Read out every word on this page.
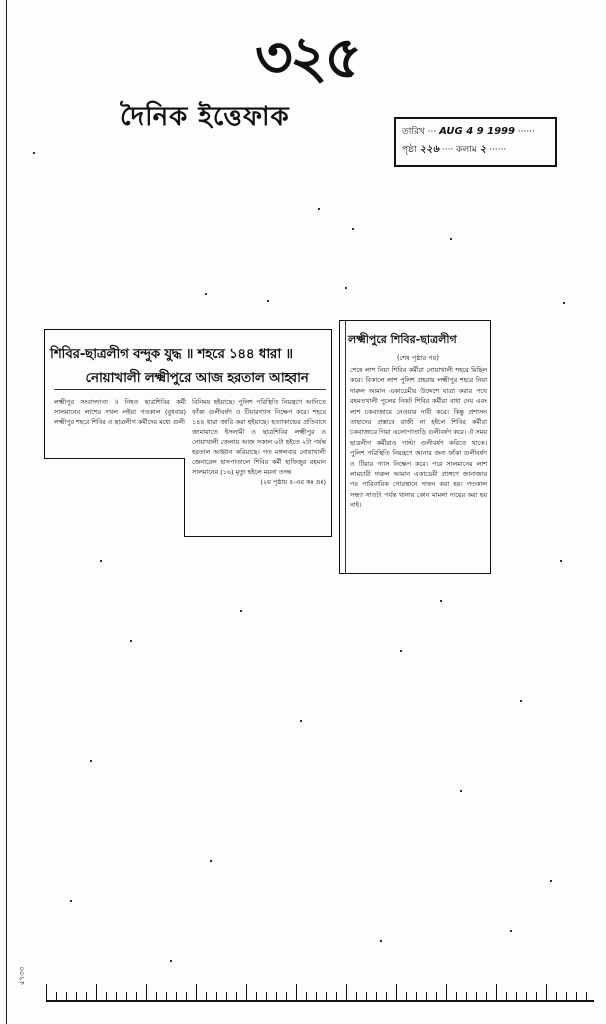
৩২৫
দৈনিক ইত্তেফাক	তারিখ ··· AUG 4 9 1999 ······
পৃষ্ঠা ২২৬ ···· কলাম ২ ······
শিবির-ছাত্রলীগ বন্দুক যুদ্ধ ॥ শহরে ১৪৪ ধারা ॥
নোয়াখালী লক্ষ্মীপুরে আজ হরতাল আহ্বান
লক্ষ্মীপুর সংবাদদাতা ॥ নিহত ছাত্রশিবির কর্মী সালমানের লাশের দখল লইয়া গতকাল (বুধবার) লক্ষ্মীপুর শহরে শিবির ও ছাত্রলীগ কর্মীদের মধ্যে গুলী
বিনিময় হইয়াছে। পুলিশ পরিস্থিতি নিয়ন্ত্রণে আনিতে ফাঁকা গুলীবর্ষণ ও টিয়ারগ্যাস নিক্ষেপ করে। শহরে ১৪৪ ধারা জারি করা হইয়াছে। হত্যাকান্ডের প্রতিবাদে জামায়াতে ইসলামী ও ছাত্রশিবির লক্ষ্মীপুর ও নোয়াখালী জেলায় আজ সকাল ৬টা হইতে ২টা পর্যন্ত হরতাল আহ্বান করিয়াছে। গত মঙ্গলবার নোয়াখালী জেনারেল হাসপাতালে শিবির কর্মী হাফিজুর রহমান সালমানের (১৬) মৃত্যু হইলে ময়না তদন্ত
(২য় পৃষ্ঠায় ৫-এর কঃ দ্রঃ)
লক্ষ্মীপুরে শিবির-ছাত্রলীগ
(শেষ পৃষ্ঠার পর)
শেষে লাশ নিয়া শিবির কর্মীরা নোয়াখালী শহরে মিছিল করে। বিকালে লাশ পুলিশ প্রহরায় লক্ষ্মীপুর শহরে নিয়া দারুল আমান একাডেমীর উদ্দেশে যাত্রা করার পথে রহমতখালী পুলের নিকট শিবির কর্মীরা বাধা দেয় এবং লাশ চকবাজারে নেওয়ার দাবী করে। কিন্তু প্রশাসন তাহাদের প্রস্তাবে রাজী না হইলে শিবির কর্মীরা চকবাজারে গিয়া এলোপাতাড়ি গুলীবর্ষণ করে। ঐ সময় ছাত্রলীগ কর্মীরাও পাল্টা গুলীবর্ষণ করিতে থাকে। পুলিশ পরিস্থিতি নিয়ন্ত্রণে আনার জন্য ফাঁকা গুলীবর্ষণ ও টিয়ার গ্যাস নিক্ষেপ করে। পরে সালমানের লাশ লামচারী দারুল আমান একাডেমী প্রাঙ্গণে জানাজার পর পারিবারিক গোরস্থানে দাফন করা হয়। গতকাল সন্ধ্যা সাতটা পর্যন্ত থানায় কোন মামলা দায়ের করা হয় নাই।
৫৭৩৩
